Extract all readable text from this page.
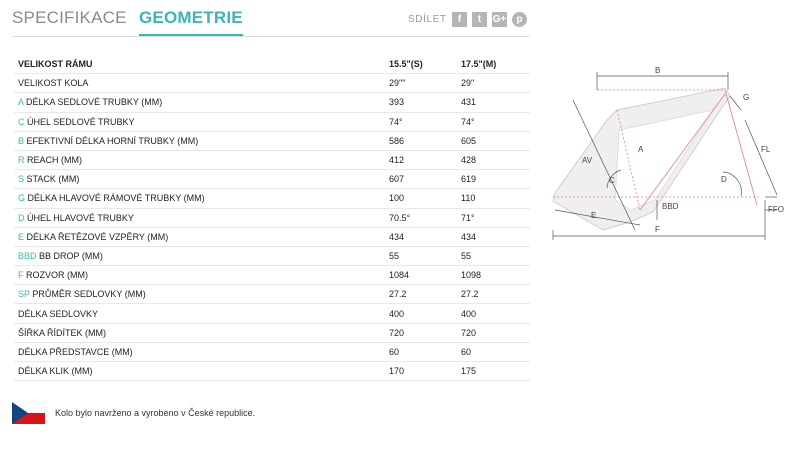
SPECIFIKACE GEOMETRIE	SDÍLET	f	t	G+	p
VELIKOST RÁMU	15.5"(S)	17.5"(M)
VELIKOST KOLA	29""	29"
A DÉLKA SEDLOVÉ TRUBKY (MM)	393	431
C ÚHEL SEDLOVÉ TRUBKY	74°	74°
B EFEKTIVNÍ DÉLKA HORNÍ TRUBKY (MM)	586	605
R REACH (MM)	412	428
S STACK (MM)	607	619
G DÉLKA HLAVOVÉ RÁMOVÉ TRUBKY (MM)	100	110
D ÚHEL HLAVOVÉ TRUBKY	70.5°	71°
E DÉLKA ŘETĚZOVÉ VZPĚRY (MM)	434	434
BBD BB DROP (MM)	55	55
F ROZVOR (MM)	1084	1098
SP PRŮMĚR SEDLOVKY (MM)	27.2	27.2
DÉLKA SEDLOVKY	400	400
ŠÍŘKA ŘÍDÍTEK (MM)	720	720
DÉLKA PŘEDSTAVCE (MM)	60	60
DÉLKA KLIK (MM)	170	175
B
G
FL
A
AV
C	D
BBD	FFO
E
F
Kolo bylo navrženo a vyrobeno v České republice.
